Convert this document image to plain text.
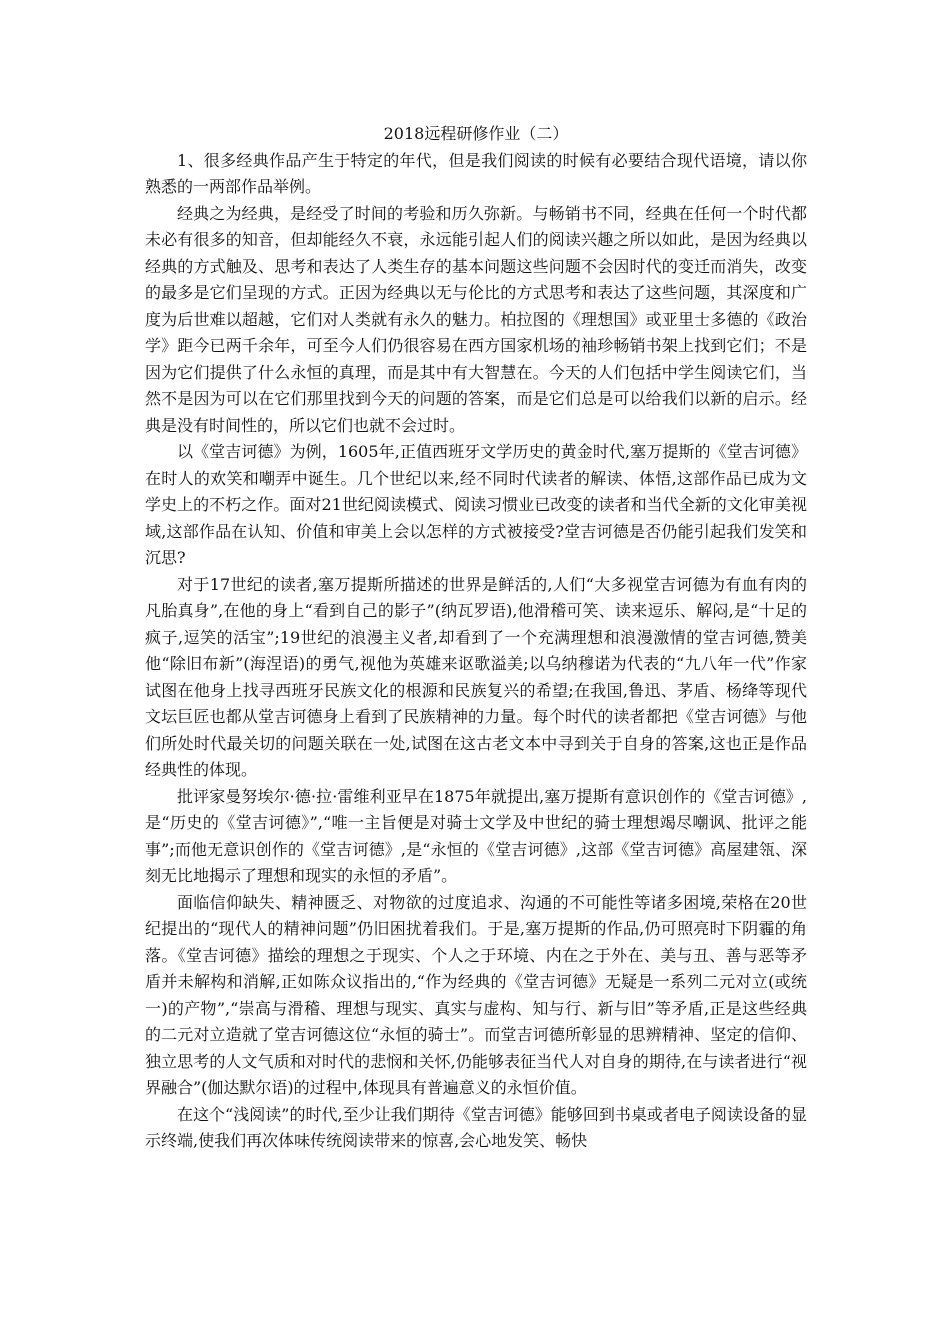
2018远程研修作业（二）

1、很多经典作品产生于特定的年代，但是我们阅读的时候有必要结合现代语境，请以你熟悉的一两部作品举例。

经典之为经典，是经受了时间的考验和历久弥新。与畅销书不同，经典在任何一个时代都未必有很多的知音，但却能经久不衰，永远能引起人们的阅读兴趣之所以如此，是因为经典以经典的方式触及、思考和表达了人类生存的基本问题这些问题不会因时代的变迁而消失，改变的最多是它们呈现的方式。正因为经典以无与伦比的方式思考和表达了这些问题，其深度和广度为后世难以超越，它们对人类就有永久的魅力。柏拉图的《理想国》或亚里士多德的《政治学》距今已两千余年，可至今人们仍很容易在西方国家机场的袖珍畅销书架上找到它们；不是因为它们提供了什么永恒的真理，而是其中有大智慧在。今天的人们包括中学生阅读它们，当然不是因为可以在它们那里找到今天的问题的答案，而是它们总是可以给我们以新的启示。经典是没有时间性的，所以它们也就不会过时。

以《堂吉诃德》为例，1605年,正值西班牙文学历史的黄金时代,塞万提斯的《堂吉诃德》在时人的欢笑和嘲弄中诞生。几个世纪以来,经不同时代读者的解读、体悟,这部作品已成为文学史上的不朽之作。面对21世纪阅读模式、阅读习惯业已改变的读者和当代全新的文化审美视域,这部作品在认知、价值和审美上会以怎样的方式被接受?堂吉诃德是否仍能引起我们发笑和沉思?

对于17世纪的读者,塞万提斯所描述的世界是鲜活的,人们“大多视堂吉诃德为有血有肉的凡胎真身”,在他的身上“看到自己的影子”(纳瓦罗语),他滑稽可笑、读来逗乐、解闷,是“十足的疯子,逗笑的活宝”;19世纪的浪漫主义者,却看到了一个充满理想和浪漫激情的堂吉诃德,赞美他“除旧布新”(海涅语)的勇气,视他为英雄来讴歌溢美;以乌纳穆诺为代表的“九八年一代”作家试图在他身上找寻西班牙民族文化的根源和民族复兴的希望;在我国,鲁迅、茅盾、杨绛等现代文坛巨匠也都从堂吉诃德身上看到了民族精神的力量。每个时代的读者都把《堂吉诃德》与他们所处时代最关切的问题关联在一处,试图在这古老文本中寻到关于自身的答案,这也正是作品经典性的体现。

批评家曼努埃尔·德·拉·雷维利亚早在1875年就提出,塞万提斯有意识创作的《堂吉诃德》,是“历史的《堂吉诃德》”,“唯一主旨便是对骑士文学及中世纪的骑士理想竭尽嘲讽、批评之能事”;而他无意识创作的《堂吉诃德》,是“永恒的《堂吉诃德》,这部《堂吉诃德》高屋建瓴、深刻无比地揭示了理想和现实的永恒的矛盾”。

面临信仰缺失、精神匮乏、对物欲的过度追求、沟通的不可能性等诸多困境,荣格在20世纪提出的“现代人的精神问题”仍旧困扰着我们。于是,塞万提斯的作品,仍可照亮时下阴霾的角落。《堂吉诃德》描绘的理想之于现实、个人之于环境、内在之于外在、美与丑、善与恶等矛盾并未解构和消解,正如陈众议指出的,“作为经典的《堂吉诃德》无疑是一系列二元对立(或统一)的产物”,“崇高与滑稽、理想与现实、真实与虚构、知与行、新与旧”等矛盾,正是这些经典的二元对立造就了堂吉诃德这位“永恒的骑士”。而堂吉诃德所彰显的思辨精神、坚定的信仰、独立思考的人文气质和对时代的悲悯和关怀,仍能够表征当代人对自身的期待,在与读者进行“视界融合”(伽达默尔语)的过程中,体现具有普遍意义的永恒价值。

在这个“浅阅读”的时代,至少让我们期待《堂吉诃德》能够回到书桌或者电子阅读设备的显示终端,使我们再次体味传统阅读带来的惊喜,会心地发笑、畅快
